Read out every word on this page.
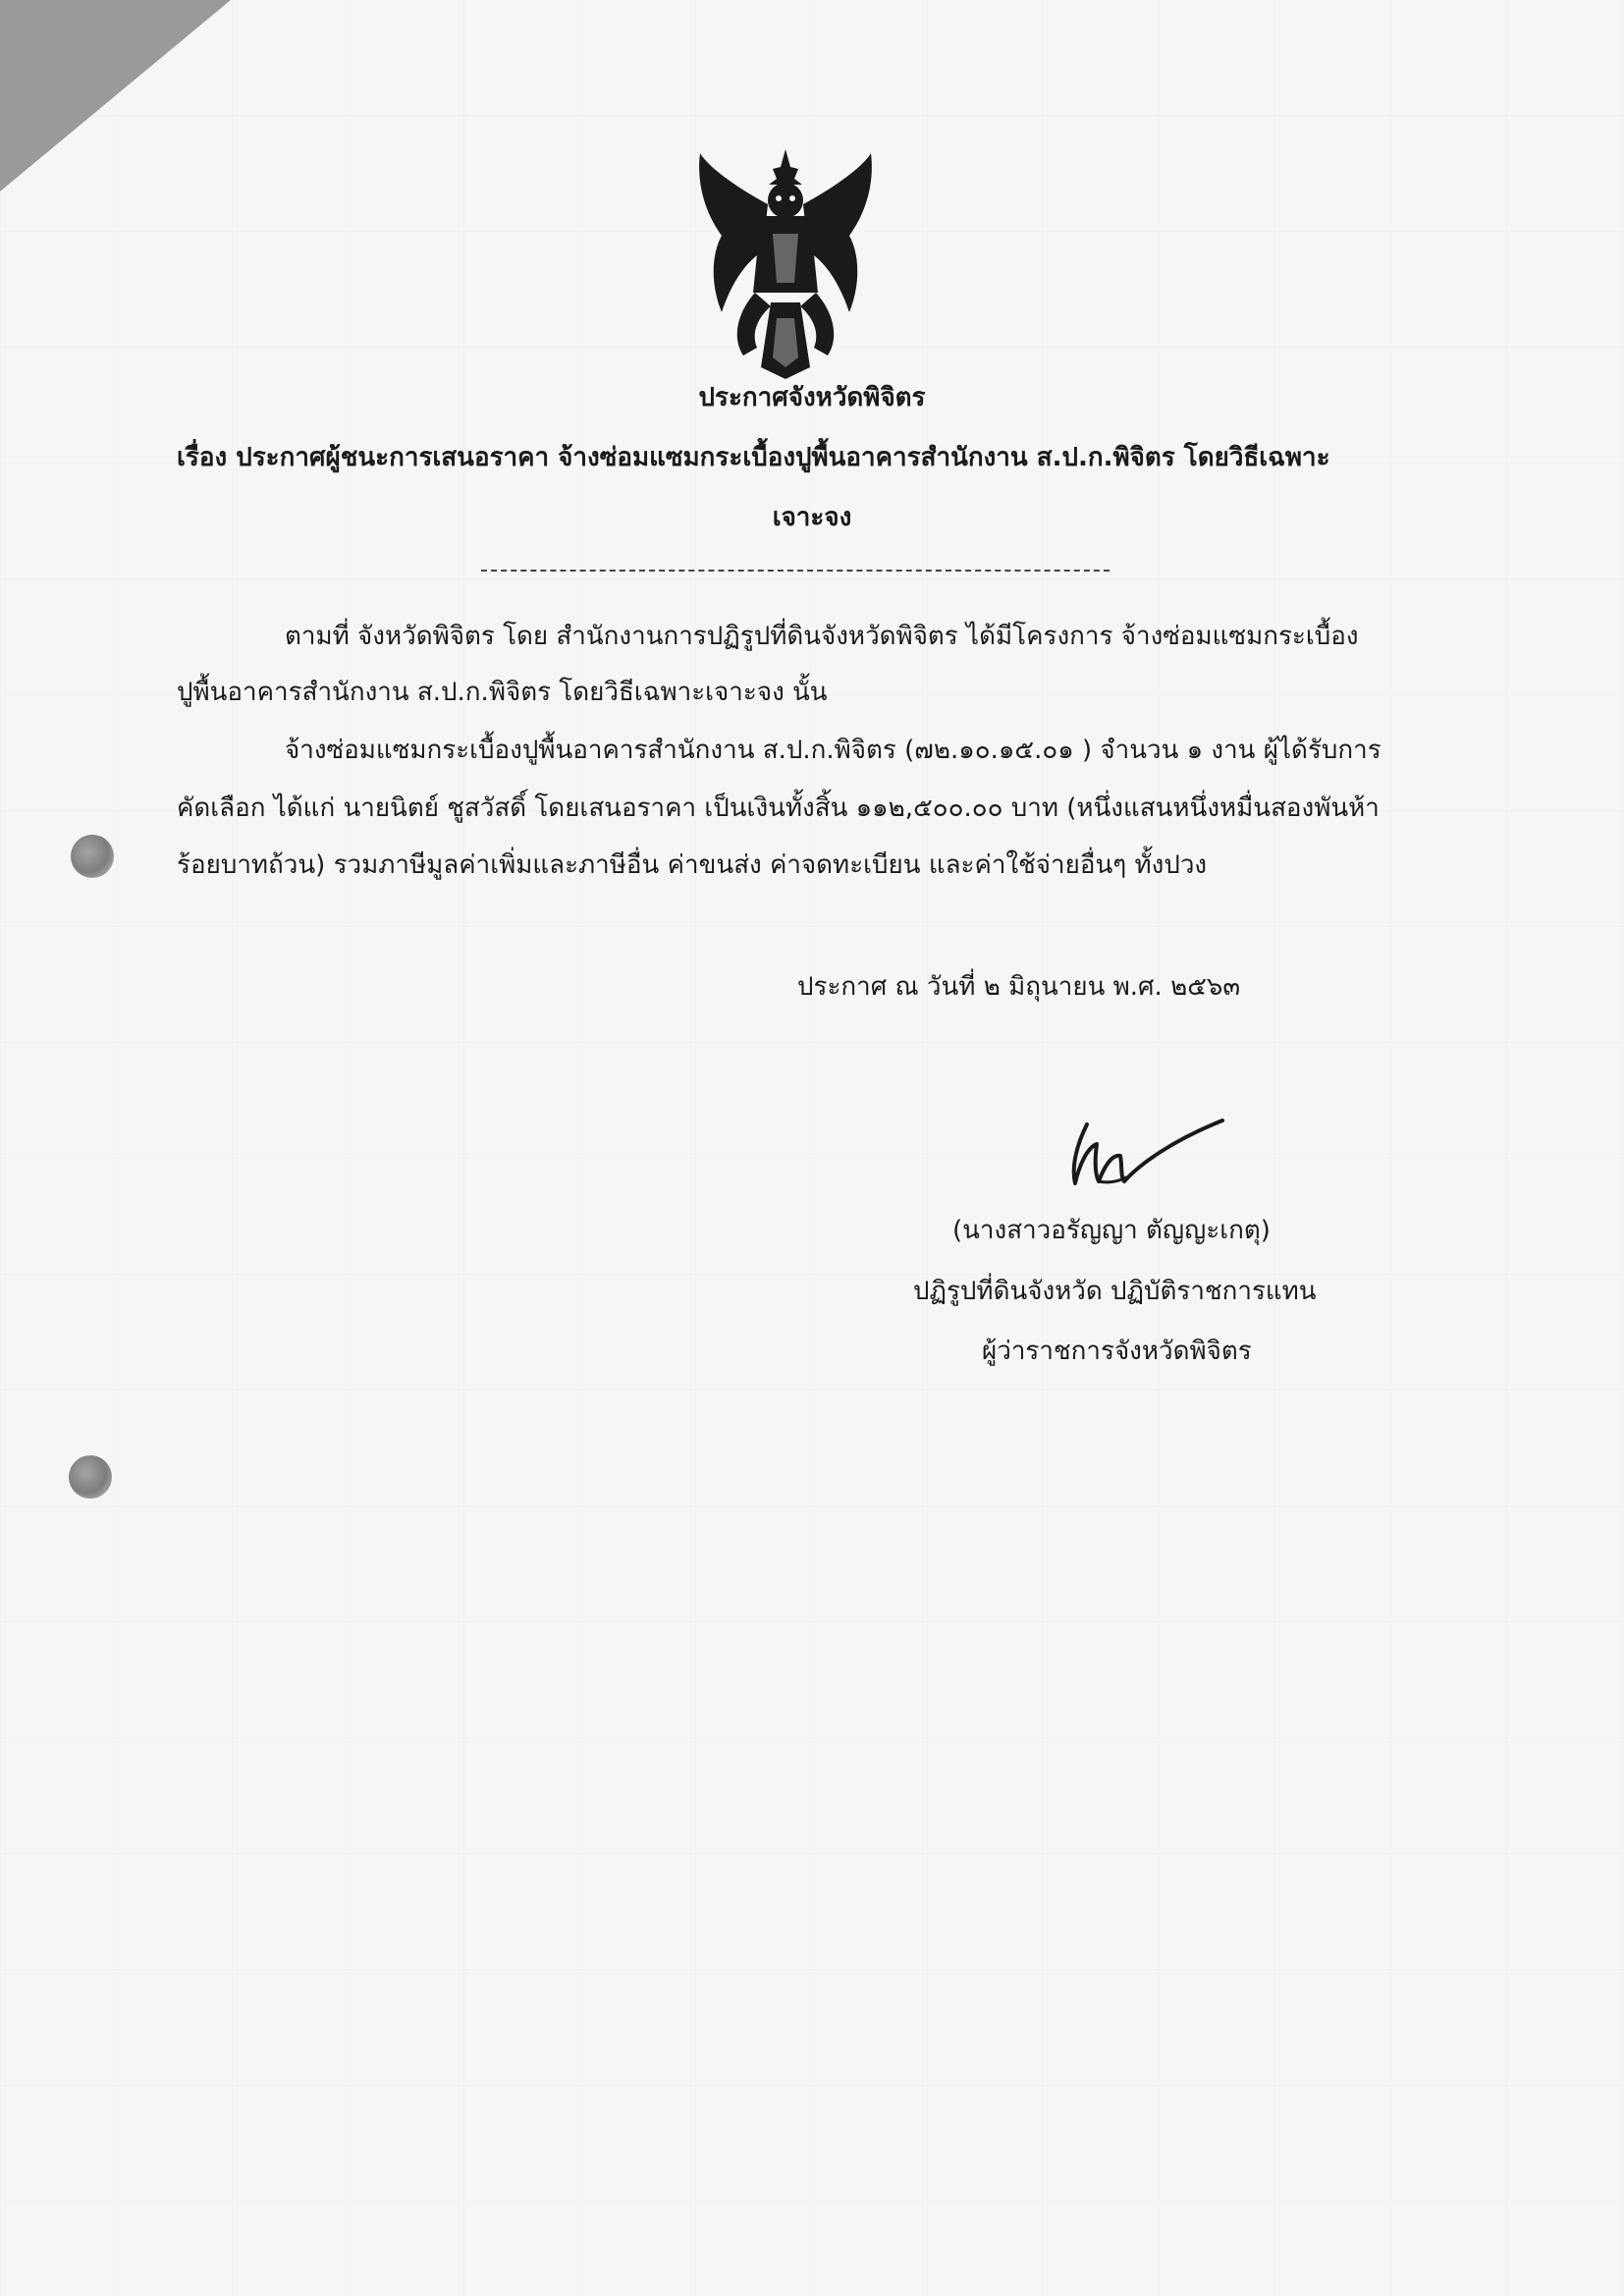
ประกาศจังหวัดพิจิตร
เรื่อง ประกาศผู้ชนะการเสนอราคา จ้างซ่อมแซมกระเบื้องปูพื้นอาคารสำนักงาน ส.ป.ก.พิจิตร โดยวิธีเฉพาะ
เจาะจง
ตามที่ จังหวัดพิจิตร โดย สำนักงานการปฏิรูปที่ดินจังหวัดพิจิตร ได้มีโครงการ จ้างซ่อมแซมกระเบื้อง
ปูพื้นอาคารสำนักงาน ส.ป.ก.พิจิตร โดยวิธีเฉพาะเจาะจง นั้น
จ้างซ่อมแซมกระเบื้องปูพื้นอาคารสำนักงาน ส.ป.ก.พิจิตร (๗๒.๑๐.๑๕.๐๑ ) จำนวน ๑ งาน ผู้ได้รับการ
คัดเลือก ได้แก่ นายนิตย์ ชูสวัสดิ์ โดยเสนอราคา เป็นเงินทั้งสิ้น ๑๑๒,๕๐๐.๐๐ บาท (หนึ่งแสนหนึ่งหมื่นสองพันห้า
ร้อยบาทถ้วน) รวมภาษีมูลค่าเพิ่มและภาษีอื่น ค่าขนส่ง ค่าจดทะเบียน และค่าใช้จ่ายอื่นๆ ทั้งปวง
ประกาศ ณ วันที่ ๒ มิถุนายน พ.ศ. ๒๕๖๓
(นางสาวอรัญญา ตัญญะเกตุ)
ปฏิรูปที่ดินจังหวัด ปฏิบัติราชการแทน
ผู้ว่าราชการจังหวัดพิจิตร
